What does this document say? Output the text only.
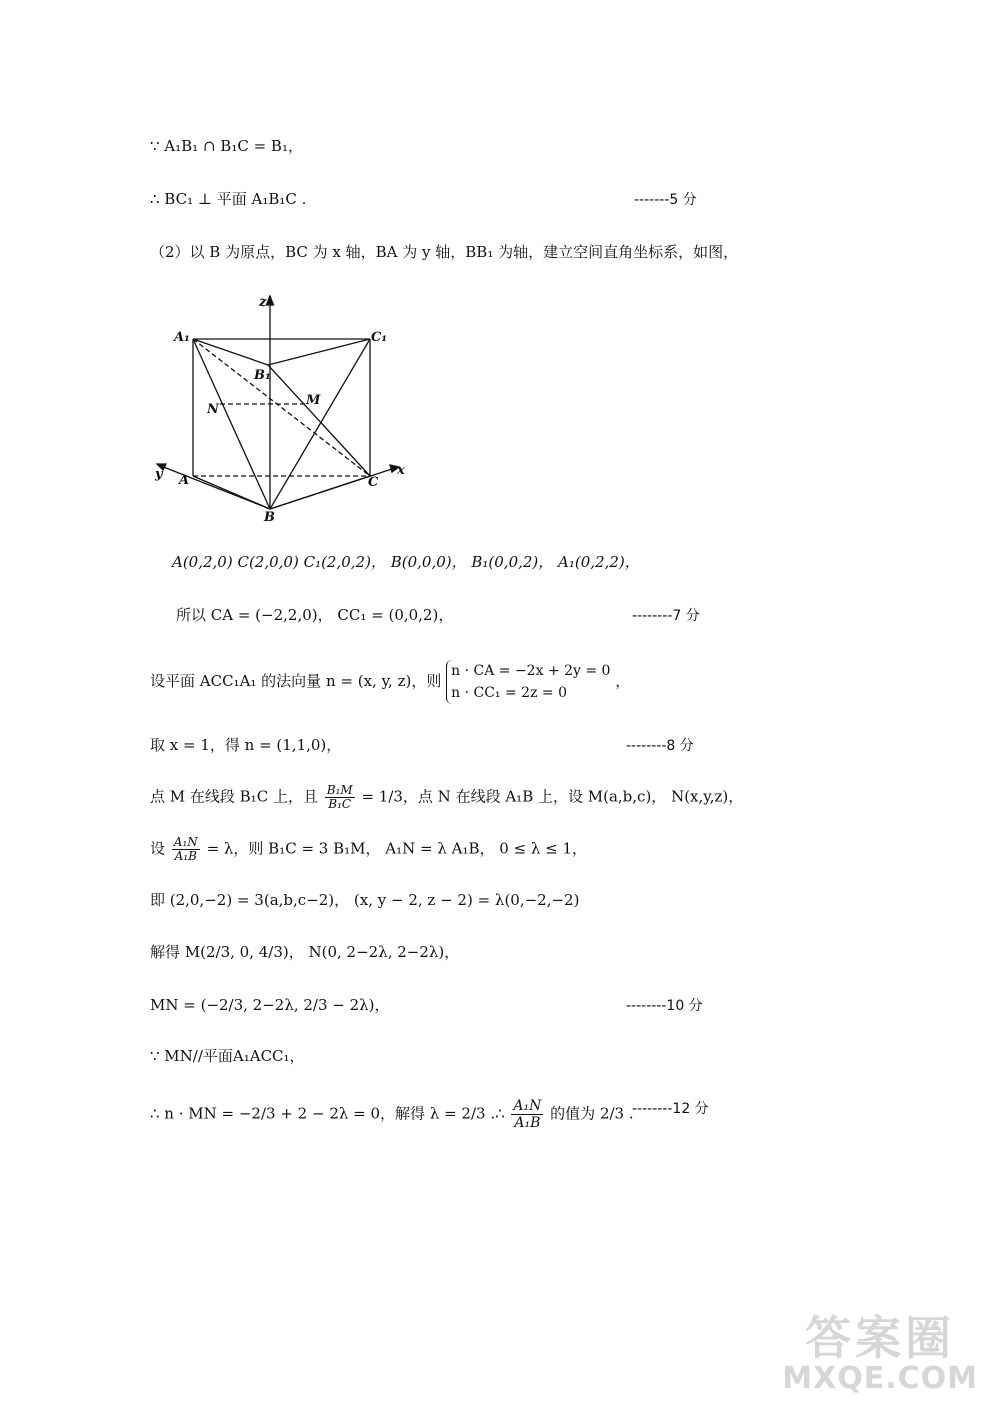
∵ A₁B₁ ∩ B₁C = B₁，
∴ BC₁ ⊥ 平面 A₁B₁C .	-------5 分
（2）以 B 为原点，BC 为 x 轴，BA 为 y 轴，BB₁ 为轴，建立空间直角坐标系，如图，
z
x
y
A₁	C₁
B₁
M
N
A	C
B
A(0,2,0) C(2,0,0) C₁(2,0,2)， B(0,0,0)， B₁(0,0,2)， A₁(0,2,2)，
所以 CA = (−2,2,0)， CC₁ = (0,0,2)，	--------7 分
设平面 ACC₁A₁ 的法向量 n = (x, y, z)，则
n · CA = −2x + 2y = 0
n · CC₁ = 2z = 0
，
取 x = 1，得 n = (1,1,0)，	--------8 分
点 M 在线段 B₁C 上，且 $\frac{\text{B₁M}}{\text{B₁C}} = 1/3$，点 N 在线段 A₁B 上，设 M(a,b,c)， N(x,y,z)，
设 $\frac{\text{A₁N}}{\text{A₁B}} = \lambda$，则 B₁C = 3 B₁M， A₁N = λ A₁B， 0 ≤ λ ≤ 1，
即 (2,0,−2) = 3(a,b,c−2)， (x, y − 2, z − 2) = λ(0,−2,−2)
解得 M(2/3, 0, 4/3)， N(0, 2−2λ, 2−2λ)，
MN = (−2/3, 2−2λ, 2/3 − 2λ)，	--------10 分
∵ MN//平面A₁ACC₁，
∴ n · MN = −2/3 + 2 − 2λ = 0，解得 λ = 2/3 .∴ $\frac{\text{A₁N}}{\text{A₁B}}$ 的值为 2/3 .
--------12 分
答案圈
MXQE.COM
